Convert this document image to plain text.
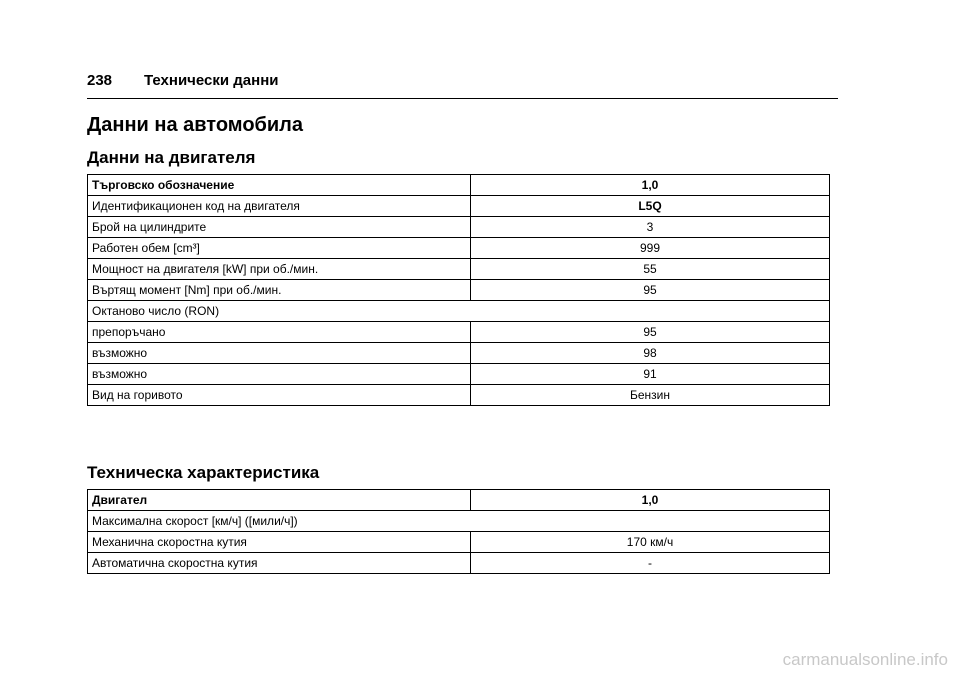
238 Технически данни
Данни на автомобила
Данни на двигателя
Търговско обозначение	1,0
Идентификационен код на двигателя	L5Q
Брой на цилиндрите	3
Работен обем [cm³]	999
Мощност на двигателя [kW] при об./мин.	55
Въртящ момент [Nm] при об./мин.	95
Октаново число (RON)	
препоръчано	95
възможно	98
възможно	91
Вид на горивото	Бензин
Техническа характеристика
Двигател	1,0
Максимална скорост [км/ч] ([мили/ч])	
Механична скоростна кутия	170 км/ч
Автоматична скоростна кутия	-
carmanualsonline.info
